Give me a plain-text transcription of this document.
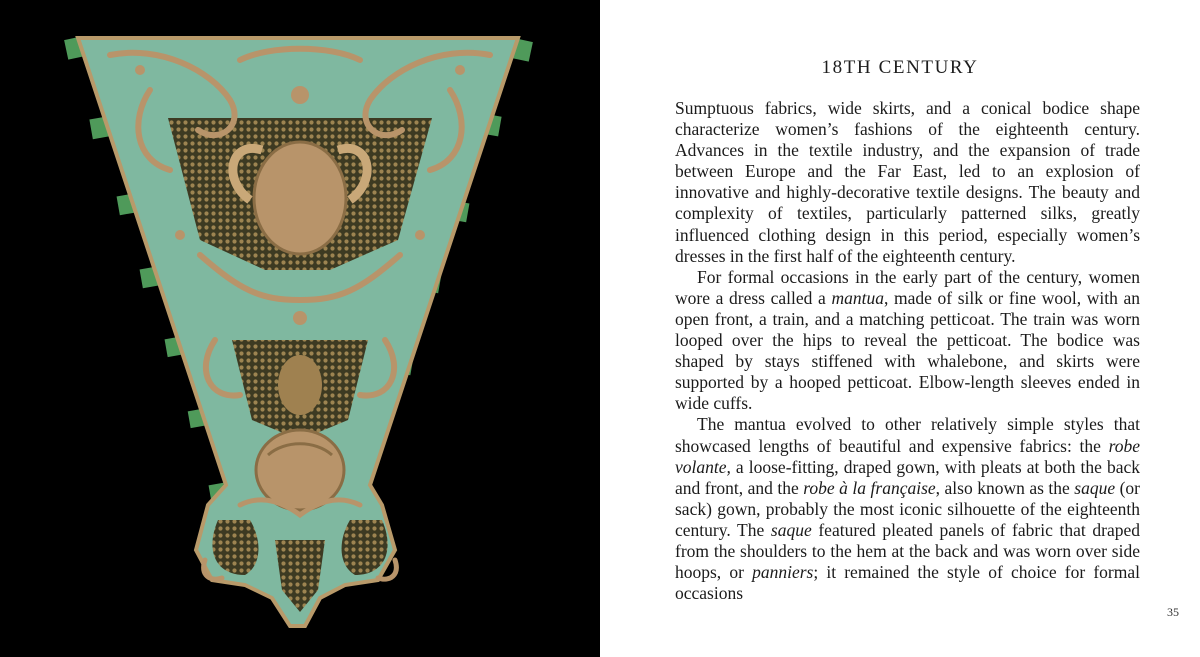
18TH CENTURY

Sumptuous fabrics, wide skirts, and a conical bodice shape characterize women’s fashions of the eighteenth century. Advances in the textile industry, and the expansion of trade between Europe and the Far East, led to an explosion of innovative and highly-decorative textile designs. The beauty and complexity of textiles, particularly patterned silks, greatly influenced clothing design in this period, especially women’s dresses in the first half of the eighteenth century.

For formal occasions in the early part of the century, women wore a dress called a mantua, made of silk or fine wool, with an open front, a train, and a matching petticoat. The train was worn looped over the hips to reveal the petticoat. The bodice was shaped by stays stiffened with whalebone, and skirts were supported by a hooped petticoat. Elbow-length sleeves ended in wide cuffs.

The mantua evolved to other relatively simple styles that showcased lengths of beautiful and expensive fabrics: the robe volante, a loose-fitting, draped gown, with pleats at both the back and front, and the robe à la française, also known as the saque (or sack) gown, probably the most iconic silhouette of the eighteenth century. The saque featured pleated panels of fabric that draped from the shoulders to the hem at the back and was worn over side hoops, or panniers; it remained the style of choice for formal occasions

35
